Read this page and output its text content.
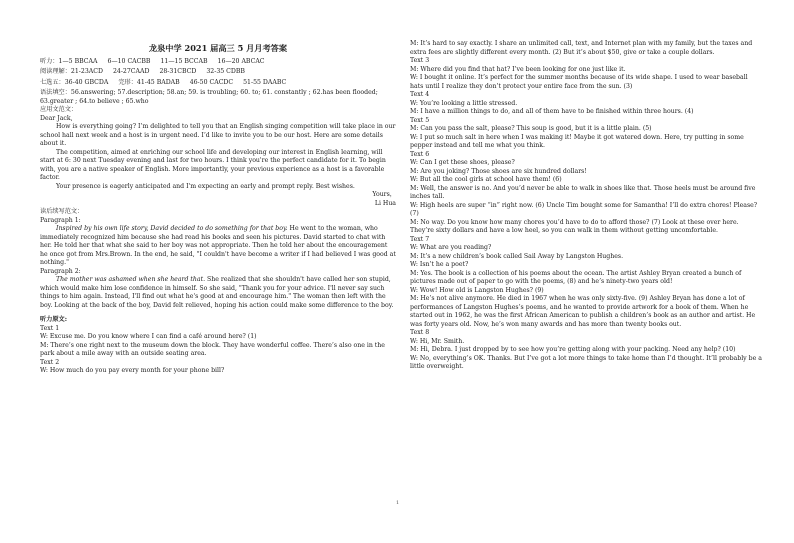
龙泉中学 2021 届高三 5 月月考答案
听力：1—5 BBCAA 6—10 CACBB 11—15 BCCAB 16—20 ABCAC
阅读理解：21-23ACD 24-27CAAD 28-31CBCD 32-35 CDBB
七选五：36-40 GBCDA 完形：41-45 BADAB 46-50 CACDC 51-55 DAABC

语法填空：56.answering; 57.description; 58.an; 59. is troubling; 60. to; 61. constantly ; 62.has been flooded; 63.greater ; 64.to believe ; 65.who

应用文范文：

Dear Jack,

How is everything going? I’m delighted to tell you that an English singing competition will take place in our school hall next week and a host is in urgent need. I’d like to invite you to be our host. Here are some details about it.

The competition, aimed at enriching our school life and developing our interest in English learning, will start at 6: 30 next Tuesday evening and last for two hours. I think you're the perfect candidate for it. To begin with, you are a native speaker of English. More importantly, your previous experience as a host is a favorable factor.

Your presence is eagerly anticipated and I'm expecting an early and prompt reply. Best wishes.

Yours，

Li Hua

读后续写范文：

Paragraph 1:

Inspired by his own life story, David decided to do something for that boy. He went to the woman, who immediately recognized him because she had read his books and seen his pictures. David started to chat with her. He told her that what she said to her boy was not appropriate. Then he told her about the encouragement he once got from Mrs.Brown. In the end, he said, "I couldn't have become a writer if I had believed I was good at nothing."

Paragraph 2:

The mother was ashamed when she heard that. She realized that she shouldn't have called her son stupid, which would make him lose confidence in himself. So she said, "Thank you for your advice. I'll never say such things to him again. Instead, I'll find out what he's good at and encourage him." The woman then left with the boy. Looking at the back of the boy, David felt relieved, hoping his action could make some difference to the boy.

听力原文:

Text 1

W: Excuse me. Do you know where I can find a café around here? (1)

M: There’s one right next to the museum down the block. They have wonderful coffee. There’s also one in the park about a mile away with an outside seating area.

Text 2

W: How much do you pay every month for your phone bill?

M: It’s hard to say exactly. I share an unlimited call, text, and Internet plan with my family, but the taxes and extra fees are slightly different every month. (2) But it’s about $50, give or take a couple dollars.

Text 3

M: Where did you find that hat? I’ve been looking for one just like it.

W: I bought it online. It’s perfect for the summer months because of its wide shape. I used to wear baseball hats until I realize they don’t protect your entire face from the sun. (3)

Text 4

W: You’re looking a little stressed.

M: I have a million things to do, and all of them have to be finished within three hours. (4)

Text 5

M: Can you pass the salt, please? This soup is good, but it is a little plain. (5)

W: I put so much salt in here when I was making it! Maybe it got watered down. Here, try putting in some pepper instead and tell me what you think.

Text 6

W: Can I get these shoes, please?

M: Are you joking? Those shoes are six hundred dollars!

W: But all the cool girls at school have them! (6)

M: Well, the answer is no. And you’d never be able to walk in shoes like that. Those heels must be around five inches tall.

W: High heels are super “in” right now. (6) Uncle Tim bought some for Samantha! I’ll do extra chores! Please? (7)

M: No way. Do you know how many chores you’d have to do to afford those? (7) Look at these over here. They’re sixty dollars and have a low heel, so you can walk in them without getting uncomfortable.

Text 7

W: What are you reading?

M: It’s a new children’s book called Sail Away by Langston Hughes.

W: Isn’t he a poet?

M: Yes. The book is a collection of his poems about the ocean. The artist Ashley Bryan created a bunch of pictures made out of paper to go with the poems, (8) and he’s ninety-two years old!

W: Wow! How old is Langston Hughes? (9)

M: He’s not alive anymore. He died in 1967 when he was only sixty-five. (9) Ashley Bryan has done a lot of performances of Langston Hughes’s poems, and he wanted to provide artwork for a book of them. When he started out in 1962, he was the first African American to publish a children’s book as an author and artist. He was forty years old. Now, he’s won many awards and has more than twenty books out.

Text 8

W: Hi, Mr. Smith.

M: Hi, Debra. I just dropped by to see how you’re getting along with your packing. Need any help? (10)

W: No, everything’s OK. Thanks. But I’ve got a lot more things to take home than I’d thought. It’ll probably be a little overweight.

1
